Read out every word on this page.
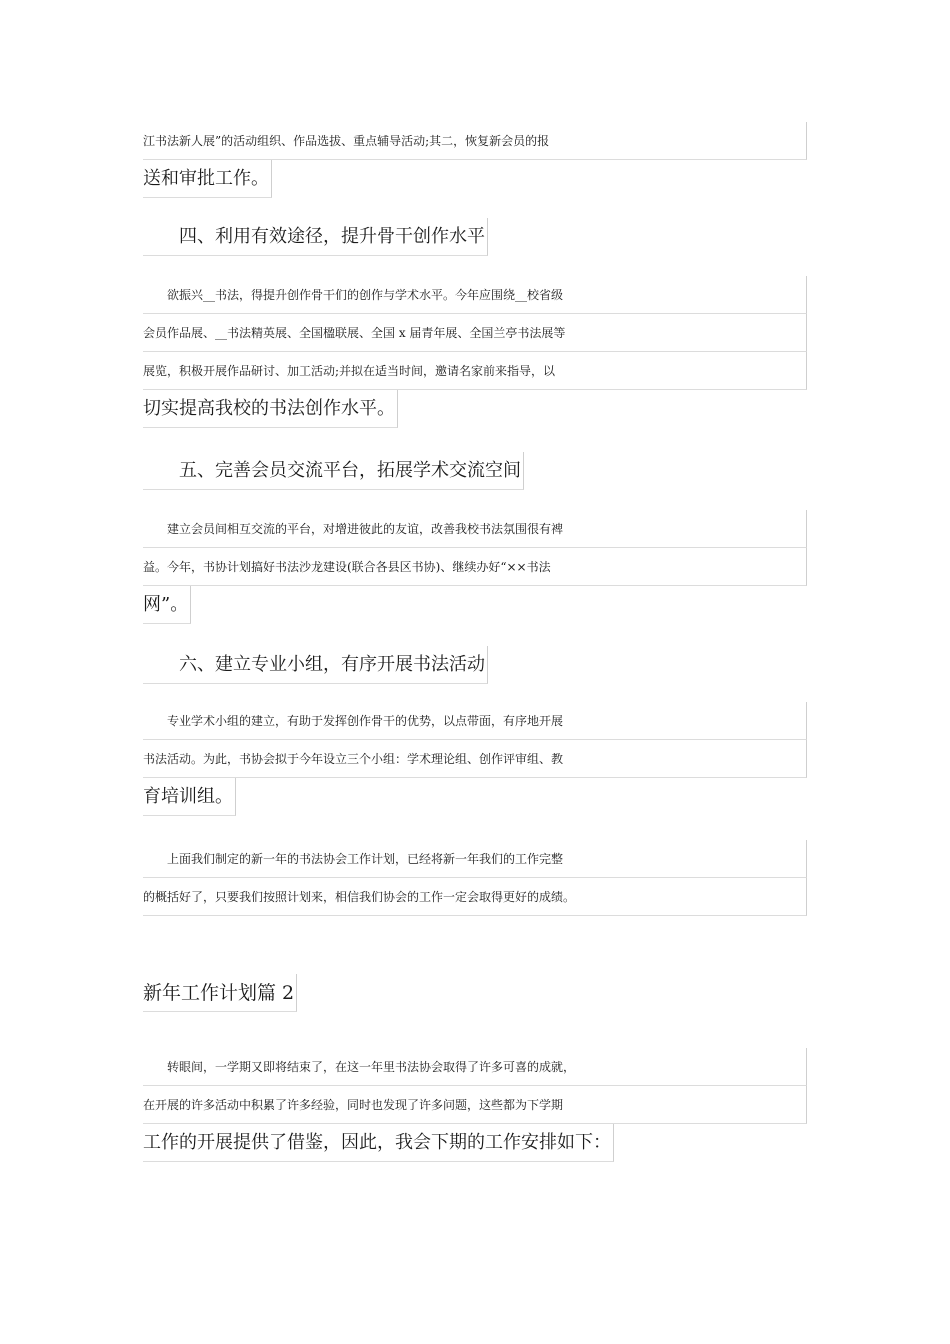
江书法新人展”的活动组织、作品选拔、重点辅导活动;其二，恢复新会员的报
送和审批工作。
　　四、利用有效途径，提升骨干创作水平
　　欲振兴__书法，得提升创作骨干们的创作与学术水平。今年应围绕__校省级
会员作品展、__书法精英展、全国楹联展、全国 x 届青年展、全国兰亭书法展等
展览，积极开展作品研讨、加工活动;并拟在适当时间，邀请名家前来指导，以
切实提高我校的书法创作水平。
　　五、完善会员交流平台，拓展学术交流空间
　　建立会员间相互交流的平台，对增进彼此的友谊，改善我校书法氛围很有裨
益。今年，书协计划搞好书法沙龙建设(联合各县区书协)、继续办好“××书法
网”。
　　六、建立专业小组，有序开展书法活动
　　专业学术小组的建立，有助于发挥创作骨干的优势，以点带面，有序地开展
书法活动。为此，书协会拟于今年设立三个小组：学术理论组、创作评审组、教
育培训组。
　　上面我们制定的新一年的书法协会工作计划，已经将新一年我们的工作完整
的概括好了，只要我们按照计划来，相信我们协会的工作一定会取得更好的成绩。
新年工作计划篇 2
　　转眼间，一学期又即将结束了，在这一年里书法协会取得了许多可喜的成就，
在开展的许多活动中积累了许多经验，同时也发现了许多问题，这些都为下学期
工作的开展提供了借鉴，因此，我会下期的工作安排如下：
